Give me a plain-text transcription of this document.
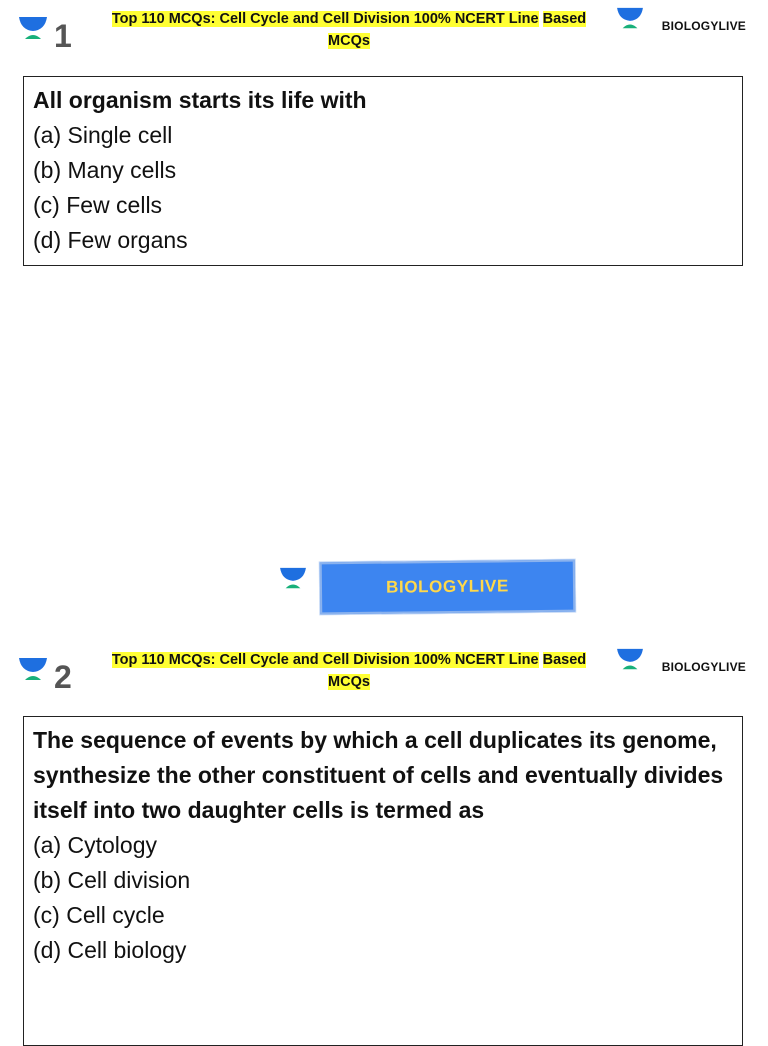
1	Top 110 MCQs: Cell Cycle and Cell Division 100% NCERT Line Based
MCQs
BIOLOGYLIVE
All organism starts its life with
(a) Single cell
(b) Many cells
(c) Few cells
(d) Few organs
BIOLOGYLIVE
2	Top 110 MCQs: Cell Cycle and Cell Division 100% NCERT Line Based
MCQs
BIOLOGYLIVE
The sequence of events by which a cell duplicates its genome, synthesize the other constituent of cells and eventually divides itself into two daughter cells is termed as
(a) Cytology
(b) Cell division
(c) Cell cycle
(d) Cell biology
